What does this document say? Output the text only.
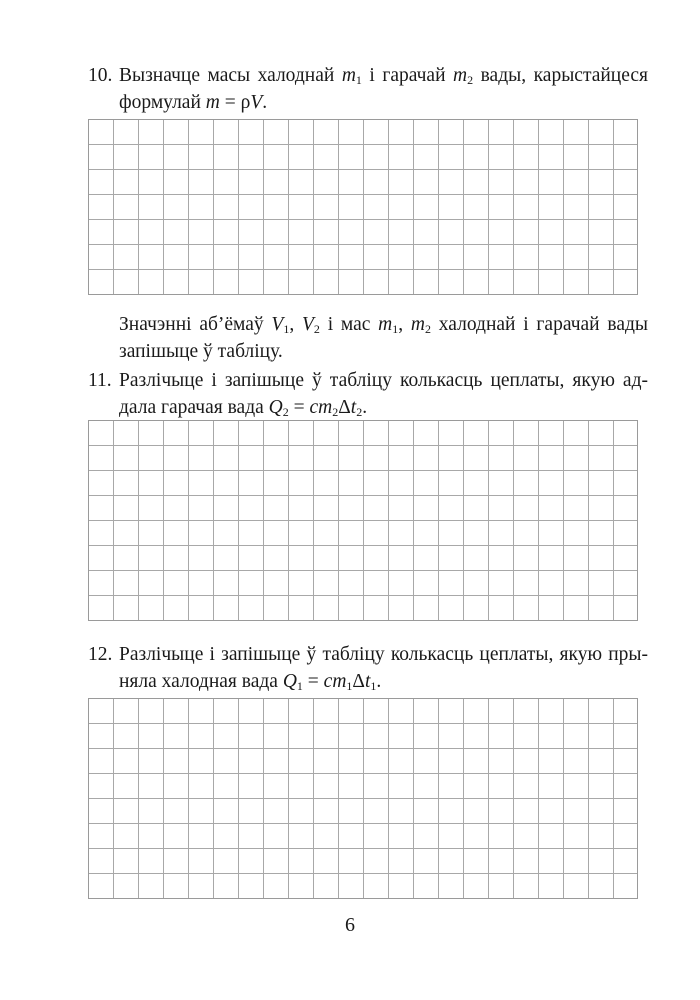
10. Вызначце масы халоднай $m_1$ і гарачай $m_2$ вады, карыстайцеся
формулай m = ρV.
Значэнні аб’ёмаў $V_1$, $V_2$ і мас $m_1$, $m_2$ халоднай і гарачай вады
запішыце ў табліцу.
11. Разлічыце і запішыце ў табліцу колькасць цеплаты, якую ад-
дала гарачая вада $Q_2 = cm_2\Delta t_2$.
12. Разлічыце і запішыце ў табліцу колькасць цеплаты, якую пры-
няла халодная вада $Q_1 = cm_1\Delta t_1$.
6
